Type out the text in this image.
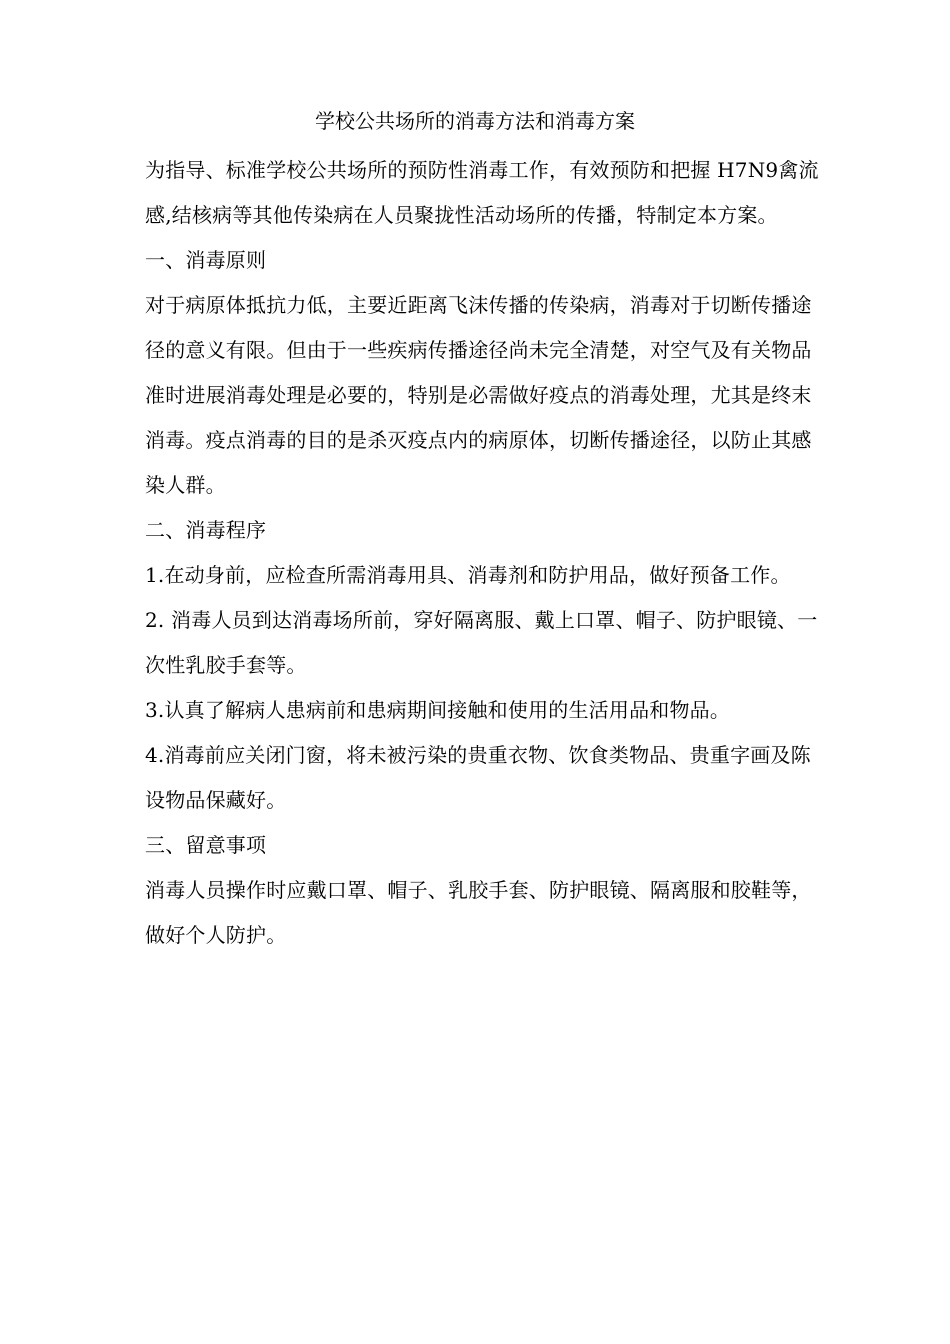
学校公共场所的消毒方法和消毒方案

为指导、标准学校公共场所的预防性消毒工作，有效预防和把握 H7N9禽流感,结核病等其他传染病在人员聚拢性活动场所的传播，特制定本方案。

一、消毒原则

对于病原体抵抗力低，主要近距离飞沫传播的传染病，消毒对于切断传播途径的意义有限。但由于一些疾病传播途径尚未完全清楚，对空气及有关物品准时进展消毒处理是必要的，特别是必需做好疫点的消毒处理，尤其是终末消毒。疫点消毒的目的是杀灭疫点内的病原体，切断传播途径，以防止其感染人群。

二、消毒程序

1.在动身前，应检查所需消毒用具、消毒剂和防护用品，做好预备工作。

2. 消毒人员到达消毒场所前，穿好隔离服、戴上口罩、帽子、防护眼镜、一次性乳胶手套等。

3.认真了解病人患病前和患病期间接触和使用的生活用品和物品。

4.消毒前应关闭门窗，将未被污染的贵重衣物、饮食类物品、贵重字画及陈设物品保藏好。

三、留意事项

消毒人员操作时应戴口罩、帽子、乳胶手套、防护眼镜、隔离服和胶鞋等，做好个人防护。
